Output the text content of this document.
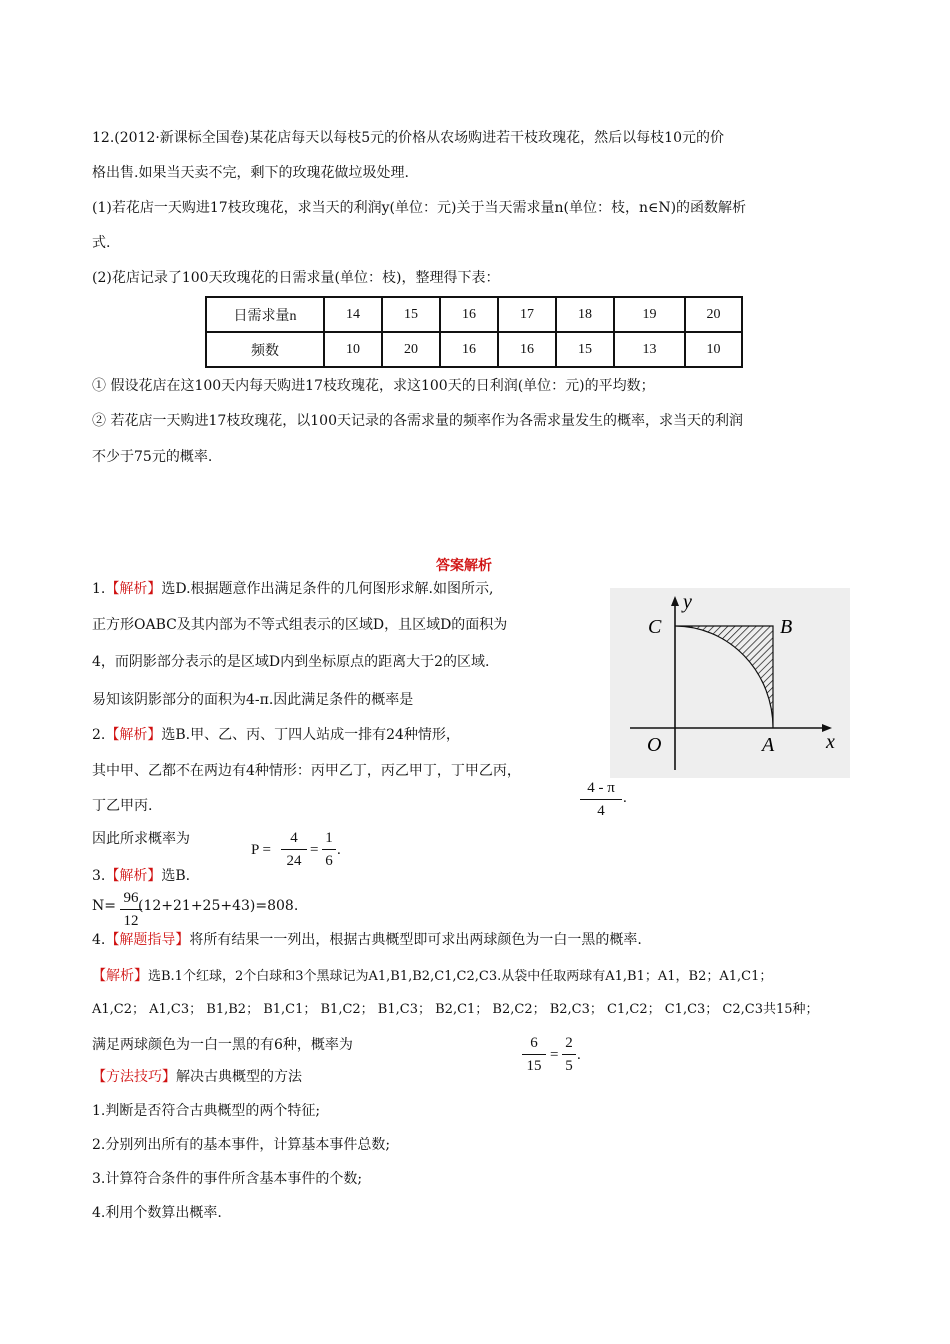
12.(2012·新课标全国卷)某花店每天以每枝5元的价格从农场购进若干枝玫瑰花，然后以每枝10元的价
格出售.如果当天卖不完，剩下的玫瑰花做垃圾处理.
(1)若花店一天购进17枝玫瑰花，求当天的利润y(单位：元)关于当天需求量n(单位：枝，n∈N)的函数解析
式.
(2)花店记录了100天玫瑰花的日需求量(单位：枝)，整理得下表：
日需求量n	14	15	16	17	18	19	20
频数	10	20	16	16	15	13	10
① 假设花店在这100天内每天购进17枝玫瑰花，求这100天的日利润(单位：元)的平均数；
② 若花店一天购进17枝玫瑰花，以100天记录的各需求量的频率作为各需求量发生的概率，求当天的利润
不少于75元的概率.
答案解析
1.【解析】选D.根据题意作出满足条件的几何图形求解.如图所示,
正方形OABC及其内部为不等式组表示的区域D，且区域D的面积为
4，而阴影部分表示的是区域D内到坐标原点的距离大于2的区域.
易知该阴影部分的面积为4-π.因此满足条件的概率是
y
x
C	B
O	A
4 - π
4
.
2.【解析】选B.甲、乙、丙、丁四人站成一排有24种情形，
其中甲、乙都不在两边有4种情形：丙甲乙丁，丙乙甲丁，丁甲乙丙，
丁乙甲丙.
因此所求概率为
P =
4
24
=
1
6
.
3.【解析】选B.
N= 96
12
(12+21+25+43)=808.
4.【解题指导】将所有结果一一列出，根据古典概型即可求出两球颜色为一白一黑的概率.
【解析】选B.1个红球，2个白球和3个黑球记为A1,B1,B2,C1,C2,C3.从袋中任取两球有A1,B1；A1，B2；A1,C1；
A1,C2； A1,C3； B1,B2； B1,C1； B1,C2； B1,C3； B2,C1； B2,C2； B2,C3； C1,C2； C1,C3； C2,C3共15种；
满足两球颜色为一白一黑的有6种，概率为	6
15
=
2
5
.
【方法技巧】解决古典概型的方法
1.判断是否符合古典概型的两个特征;
2.分别列出所有的基本事件，计算基本事件总数;
3.计算符合条件的事件所含基本事件的个数;
4.利用个数算出概率.
